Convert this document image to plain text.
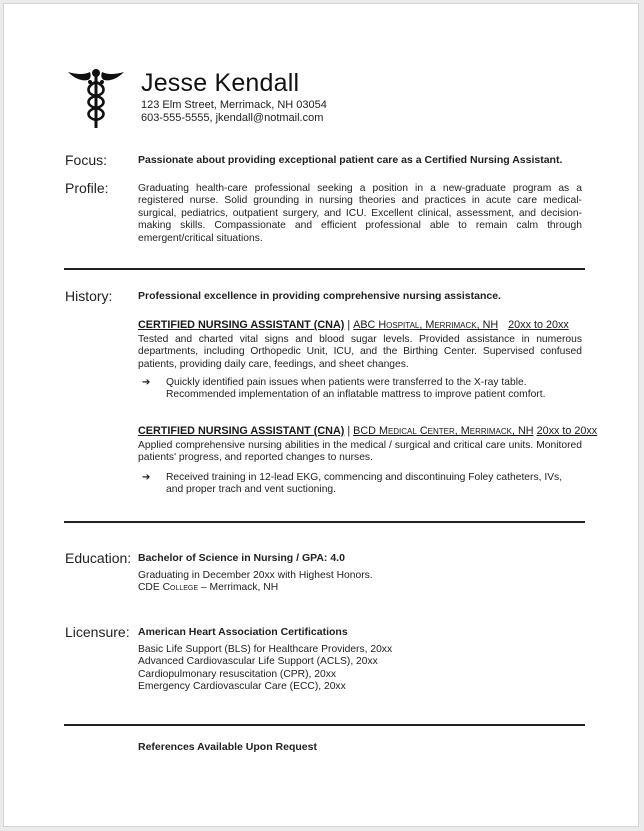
Jesse Kendall
123 Elm Street, Merrimack, NH 03054
603-555-5555, jkendall@notmail.com
Focus:	Passionate about providing exceptional patient care as a Certified Nursing Assistant.
Profile:	Graduating health-care professional seeking a position in a new-graduate program as a registered nurse. Solid grounding in nursing theories and practices in acute care medical-surgical, pediatrics, outpatient surgery, and ICU. Excellent clinical, assessment, and decision-making skills. Compassionate and efficient professional able to remain calm through emergent/critical situations.
History: Professional excellence in providing comprehensive nursing assistance.
CERTIFIED NURSING ASSISTANT (CNA) | ABC Hospital, Merrimack, NH 20xx to 20xx
Tested and charted vital signs and blood sugar levels. Provided assistance in numerous departments, including Orthopedic Unit, ICU, and the Birthing Center. Supervised confused patients, providing daily care, feedings, and sheet changes.
➔ Quickly identified pain issues when patients were transferred to the X-ray table.
Recommended implementation of an inflatable mattress to improve patient comfort.
CERTIFIED NURSING ASSISTANT (CNA) | BCD Medical Center, Merrimack, NH 20xx to 20xx
Applied comprehensive nursing abilities in the medical / surgical and critical care units. Monitored patients' progress, and reported changes to nurses.
➔ Received training in 12-lead EKG, commencing and discontinuing Foley catheters, IVs,
and proper trach and vent suctioning.
Education: Bachelor of Science in Nursing / GPA: 4.0
Graduating in December 20xx with Highest Honors.
CDE College – Merrimack, NH
Licensure: American Heart Association Certifications
Basic Life Support (BLS) for Healthcare Providers, 20xx
Advanced Cardiovascular Life Support (ACLS), 20xx
Cardiopulmonary resuscitation (CPR), 20xx
Emergency Cardiovascular Care (ECC), 20xx
References Available Upon Request
